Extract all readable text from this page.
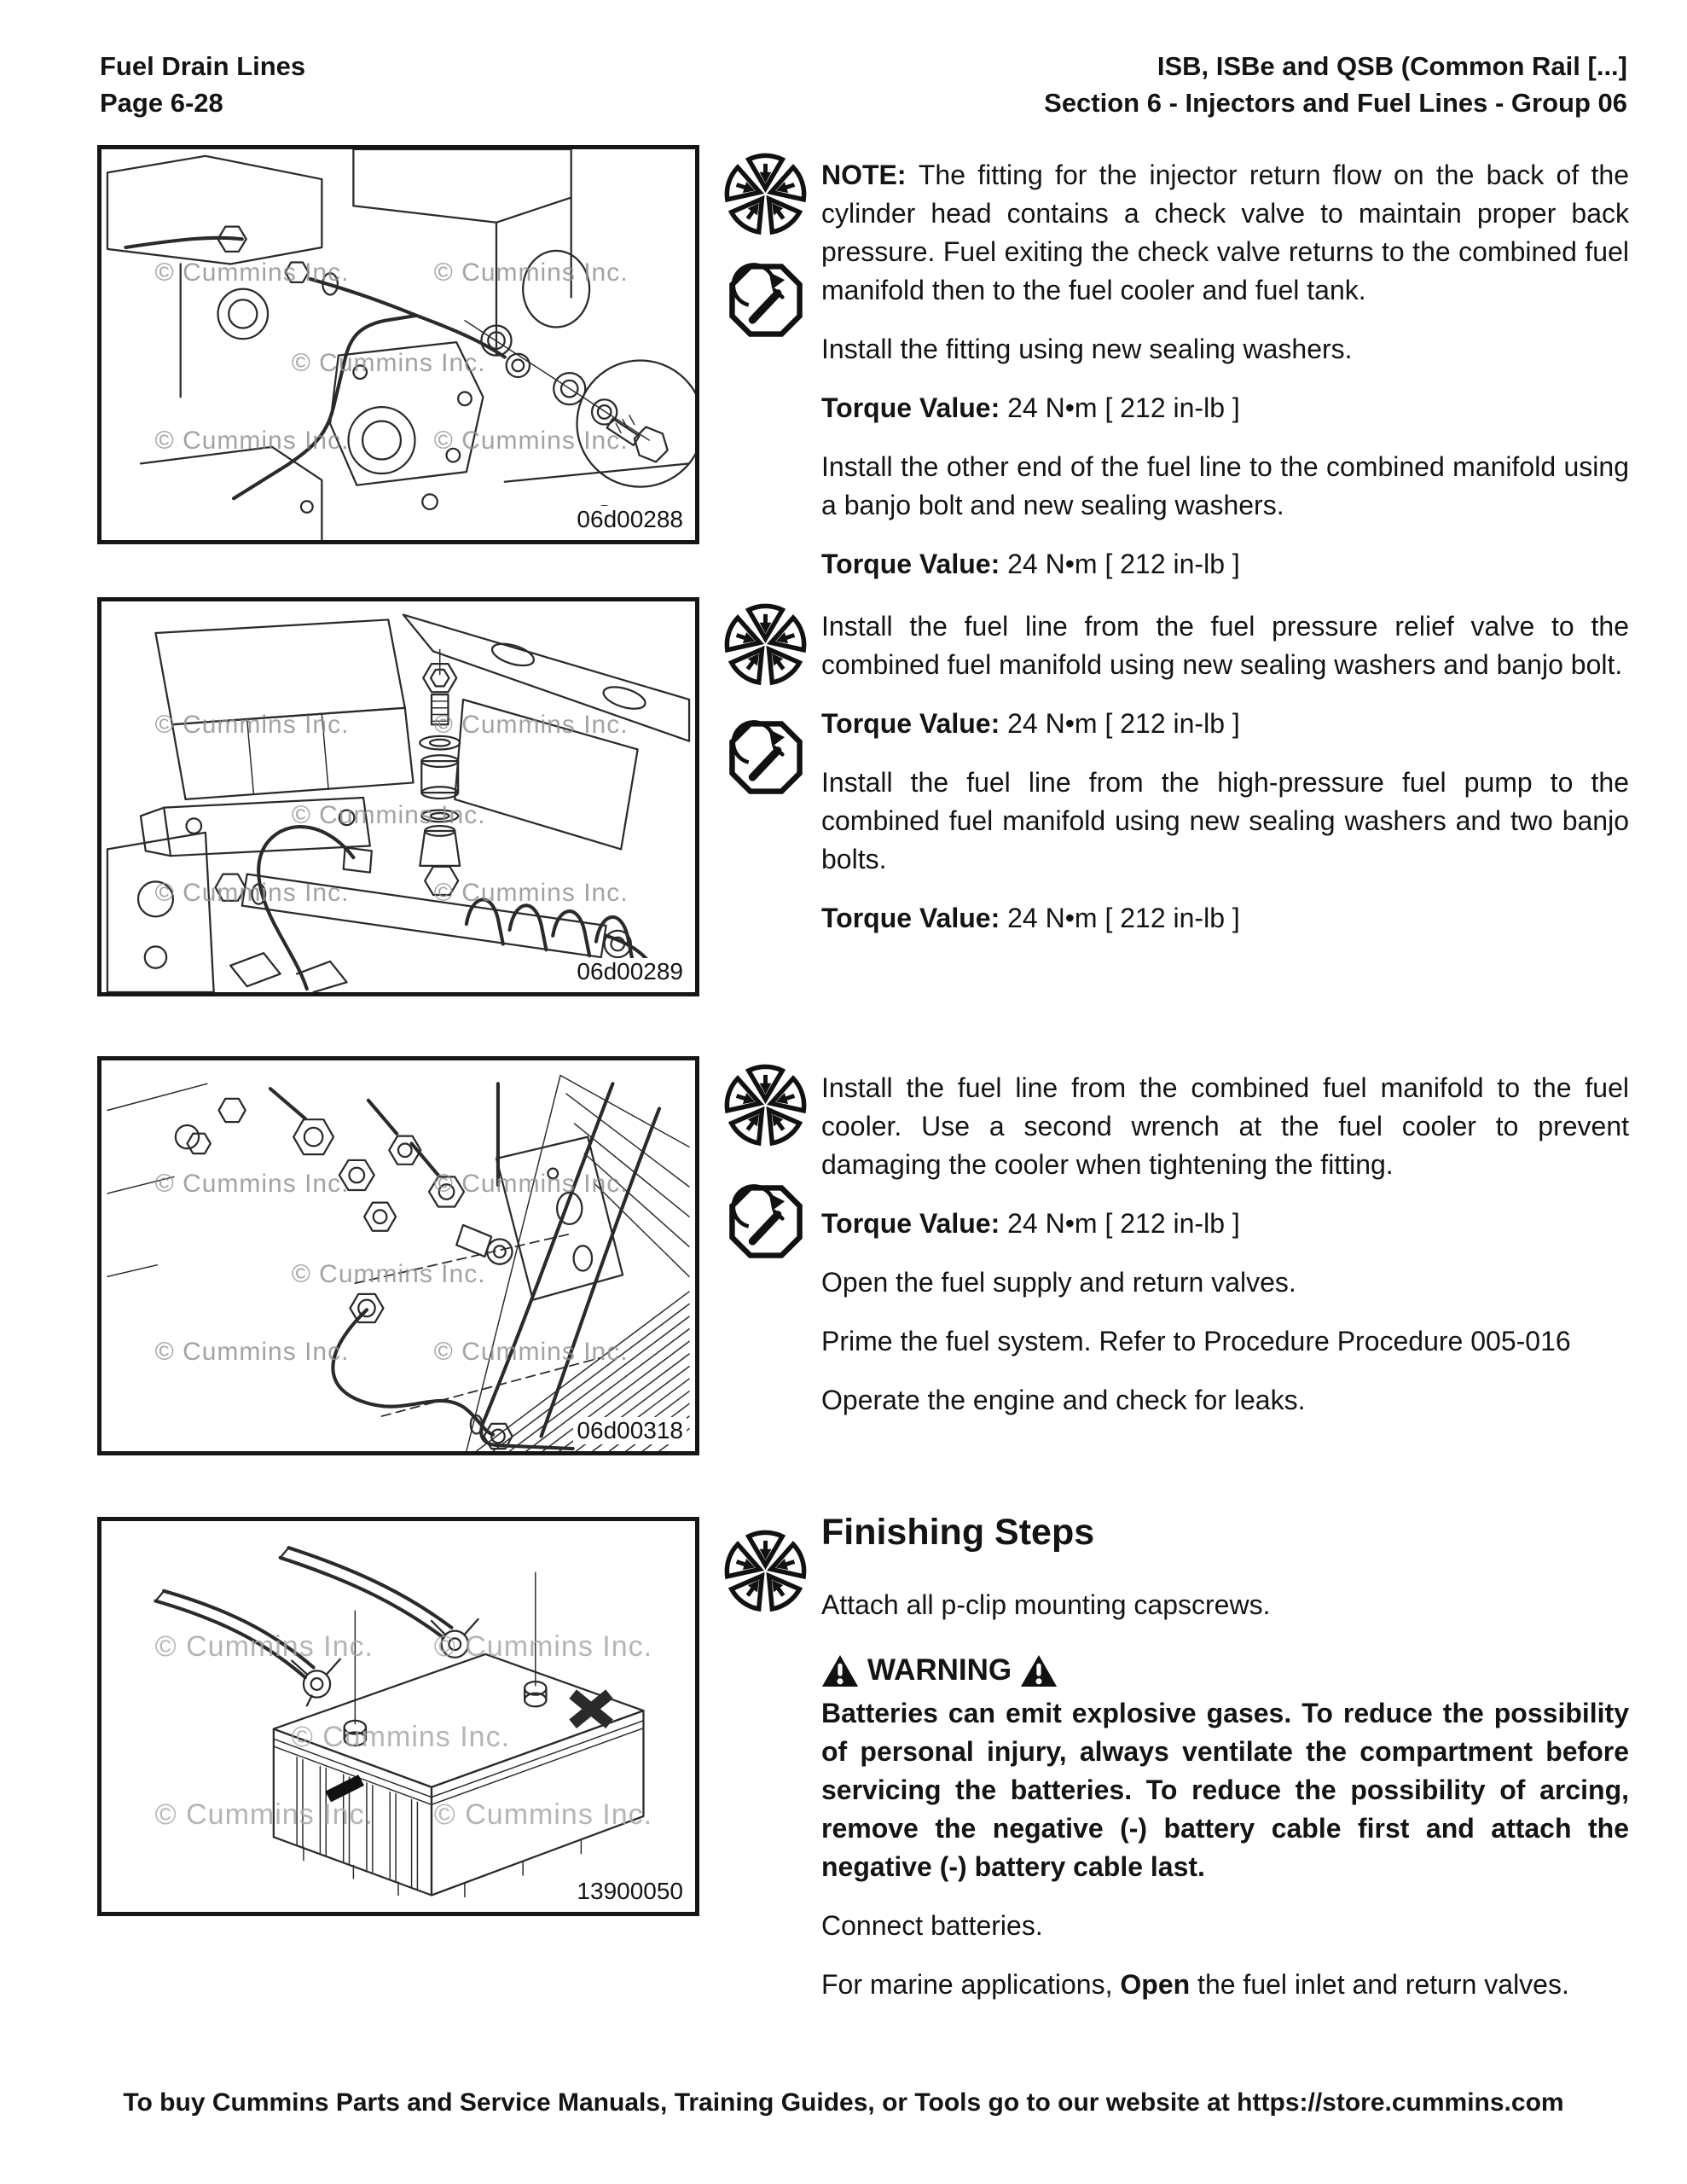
Fuel Drain Lines
Page 6-28
ISB, ISBe and QSB (Common Rail [...]
Section 6 - Injectors and Fuel Lines - Group 06
© Cummins Inc.	© Cummins Inc.
© Cummins Inc.
© Cummins Inc.	© Cummins Inc.
06d00288
© Cummins Inc.	© Cummins Inc.
© Cummins Inc.
© Cummins Inc.	© Cummins Inc.
06d00289
© Cummins Inc.	© Cummins Inc.
© Cummins Inc.
© Cummins Inc.	© Cummins Inc.
06d00318
© Cummins Inc. © Cummins Inc.
© Cummins Inc.
© Cummins Inc. © Cummins Inc.
13900050

NOTE: The fitting for the injector return flow on the back of the cylinder head contains a check valve to maintain proper back pressure. Fuel exiting the check valve returns to the combined fuel manifold then to the fuel cooler and fuel tank.

Install the fitting using new sealing washers.

Torque Value: 24 N•m [ 212 in-lb ]

Install the other end of the fuel line to the combined manifold using a banjo bolt and new sealing washers.

Torque Value: 24 N•m [ 212 in-lb ]

Install the fuel line from the fuel pressure relief valve to the combined fuel manifold using new sealing washers and banjo bolt.

Torque Value: 24 N•m [ 212 in-lb ]

Install the fuel line from the high-pressure fuel pump to the combined fuel manifold using new sealing washers and two banjo bolts.

Torque Value: 24 N•m [ 212 in-lb ]

Install the fuel line from the combined fuel manifold to the fuel cooler. Use a second wrench at the fuel cooler to prevent damaging the cooler when tightening the fitting.

Torque Value: 24 N•m [ 212 in-lb ]

Open the fuel supply and return valves.

Prime the fuel system. Refer to Procedure Procedure 005-016

Operate the engine and check for leaks.

Finishing Steps

Attach all p-clip mounting capscrews.

WARNING

Batteries can emit explosive gases. To reduce the possibility of personal injury, always ventilate the compartment before servicing the batteries. To reduce the possibility of arcing, remove the negative (-) battery cable first and attach the negative (-) battery cable last.

Connect batteries.

For marine applications, Open the fuel inlet and return valves.

To buy Cummins Parts and Service Manuals, Training Guides, or Tools go to our website at https://store.cummins.com
